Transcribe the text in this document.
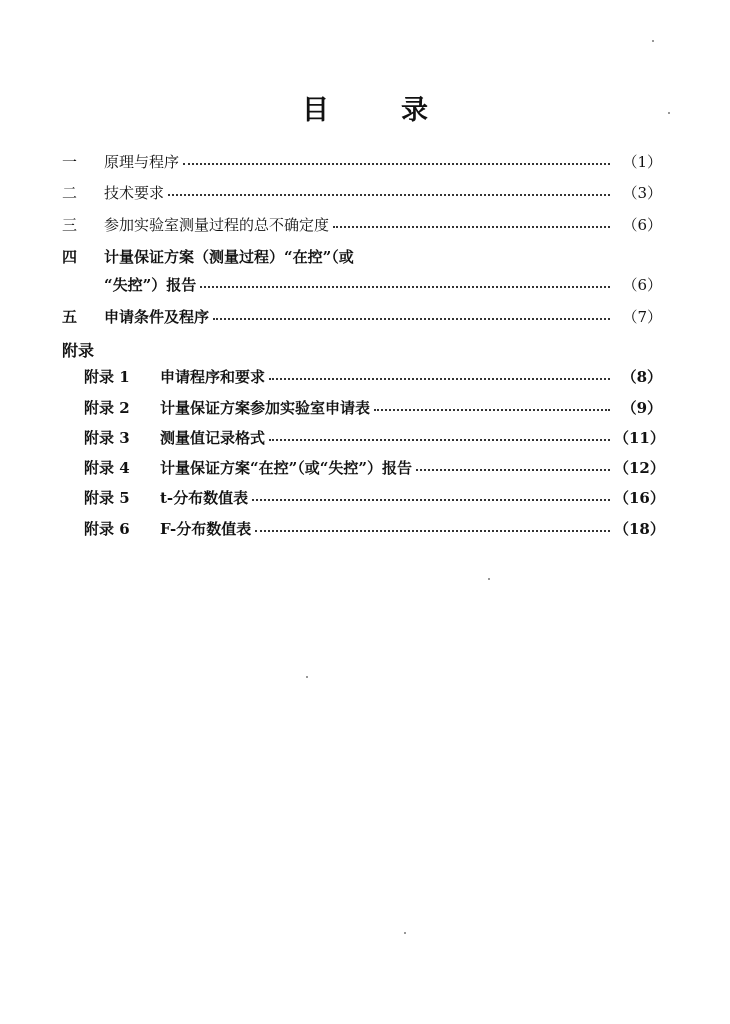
目	录
一	原理与程序	（1）
二	技术要求	（3）
三	参加实验室测量过程的总不确定度	（6）
四	计量保证方案（测量过程）“在控”（或
“失控”）报告	（6）
五	申请条件及程序	（7）
附录
附录 1	申请程序和要求	（8）
附录 2	计量保证方案参加实验室申请表	（9）
附录 3	测量值记录格式	（11）
附录 4	计量保证方案“在控”（或“失控”）报告	（12）
附录 5	t-分布数值表	（16）
附录 6	F-分布数值表	（18）
